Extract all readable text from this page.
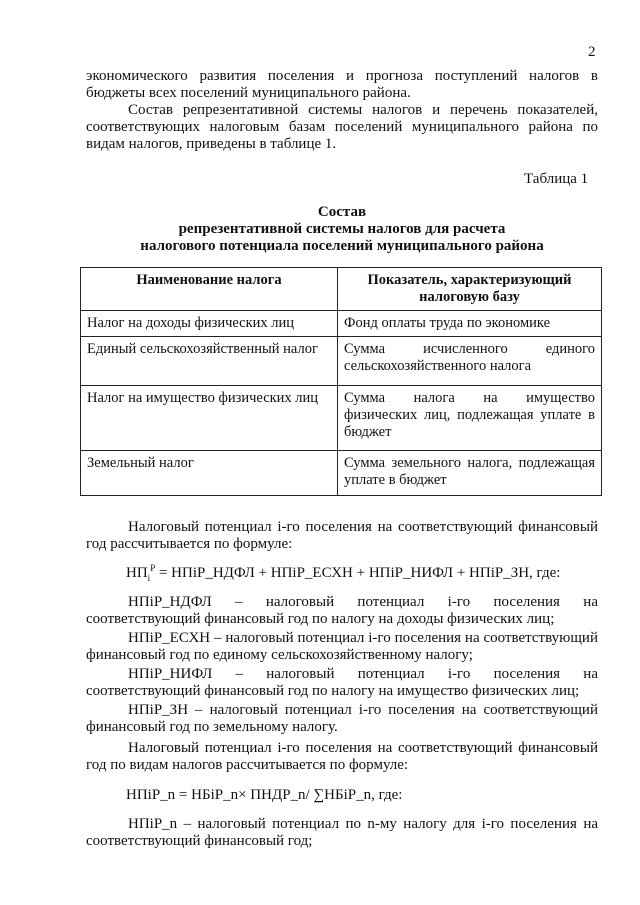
2

экономического развития поселения и прогноза поступлений налогов в бюджеты всех поселений муниципального района.

Состав репрезентативной системы налогов и перечень показателей, соответствующих налоговым базам поселений муниципального района по видам налогов, приведены в таблице 1.

Таблица 1
Состав
репрезентативной системы налогов для расчета
налогового потенциала поселений муниципального района
Наименование налога	Показатель, характеризующий налоговую базу
Налог на доходы физических лиц	Фонд оплаты труда по экономике
Единый сельскохозяйственный налог	Сумма исчисленного единого сельскохозяйственного налога
Налог на имущество физических лиц	Сумма налога на имущество физических лиц, подлежащая уплате в бюджет
Земельный налог	Сумма земельного налога, подлежащая уплате в бюджет

Налоговый потенциал i-го поселения на соответствующий финансовый год рассчитывается по формуле:

$НП_i^Р$ = НПiР_НДФЛ + НПiР_ЕСХН + НПiР_НИФЛ + НПiР_ЗН, где:

НПiР_НДФЛ – налоговый потенциал i-го поселения на соответствующий финансовый год по налогу на доходы физических лиц;

НПiР_ЕСХН – налоговый потенциал i-го поселения на соответствующий финансовый год по единому сельскохозяйственному налогу;

НПiР_НИФЛ – налоговый потенциал i-го поселения на соответствующий финансовый год по налогу на имущество физических лиц;

НПiР_ЗН – налоговый потенциал i-го поселения на соответствующий финансовый год по земельному налогу.

Налоговый потенциал i-го поселения на соответствующий финансовый год по видам налогов рассчитывается по формуле:

НПiР_n = НБiР_n× ПНДР_n/ ∑НБiР_n, где:

НПiР_n – налоговый потенциал по n-му налогу для i-го поселения на соответствующий финансовый год;
